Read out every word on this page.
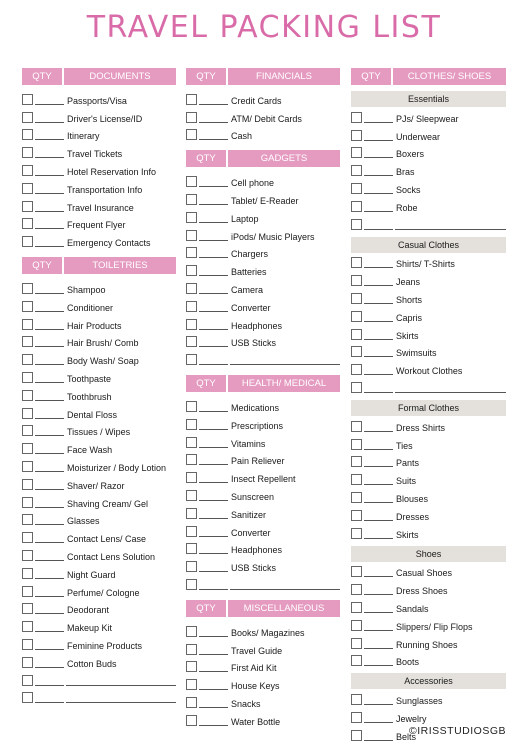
TRAVEL PACKING LIST
QTY	DOCUMENTS
Passports/Visa
Driver's License/ID
Itinerary
Travel Tickets
Hotel Reservation Info
Transportation Info
Travel Insurance
Frequent Flyer
Emergency Contacts
QTY	TOILETRIES
Shampoo
Conditioner
Hair Products
Hair Brush/ Comb
Body Wash/ Soap
Toothpaste
Toothbrush
Dental Floss
Tissues / Wipes
Face Wash
Moisturizer / Body Lotion
Shaver/ Razor
Shaving Cream/ Gel
Glasses
Contact Lens/ Case
Contact Lens Solution
Night Guard
Perfume/ Cologne
Deodorant
Makeup Kit
Feminine Products
Cotton Buds
QTY	FINANCIALS
Credit Cards
ATM/ Debit Cards
Cash
QTY	GADGETS
Cell phone
Tablet/ E-Reader
Laptop
iPods/ Music Players
Chargers
Batteries
Camera
Converter
Headphones
USB Sticks
QTY	HEALTH/ MEDICAL
Medications
Prescriptions
Vitamins
Pain Reliever
Insect Repellent
Sunscreen
Sanitizer
Converter
Headphones
USB Sticks
QTY	MISCELLANEOUS
Books/ Magazines
Travel Guide
First Aid Kit
House Keys
Snacks
Water Bottle
QTY	CLOTHES/ SHOES
Essentials
PJs/ Sleepwear
Underwear
Boxers
Bras
Socks
Robe
Casual Clothes
Shirts/ T-Shirts
Jeans
Shorts
Capris
Skirts
Swimsuits
Workout Clothes
Formal Clothes
Dress Shirts
Ties
Pants
Suits
Blouses
Dresses
Skirts
Shoes
Casual Shoes
Dress Shoes
Sandals
Slippers/ Flip Flops
Running Shoes
Boots
Accessories
Sunglasses
Jewelry
Belts
©IRISSTUDIOSGB
